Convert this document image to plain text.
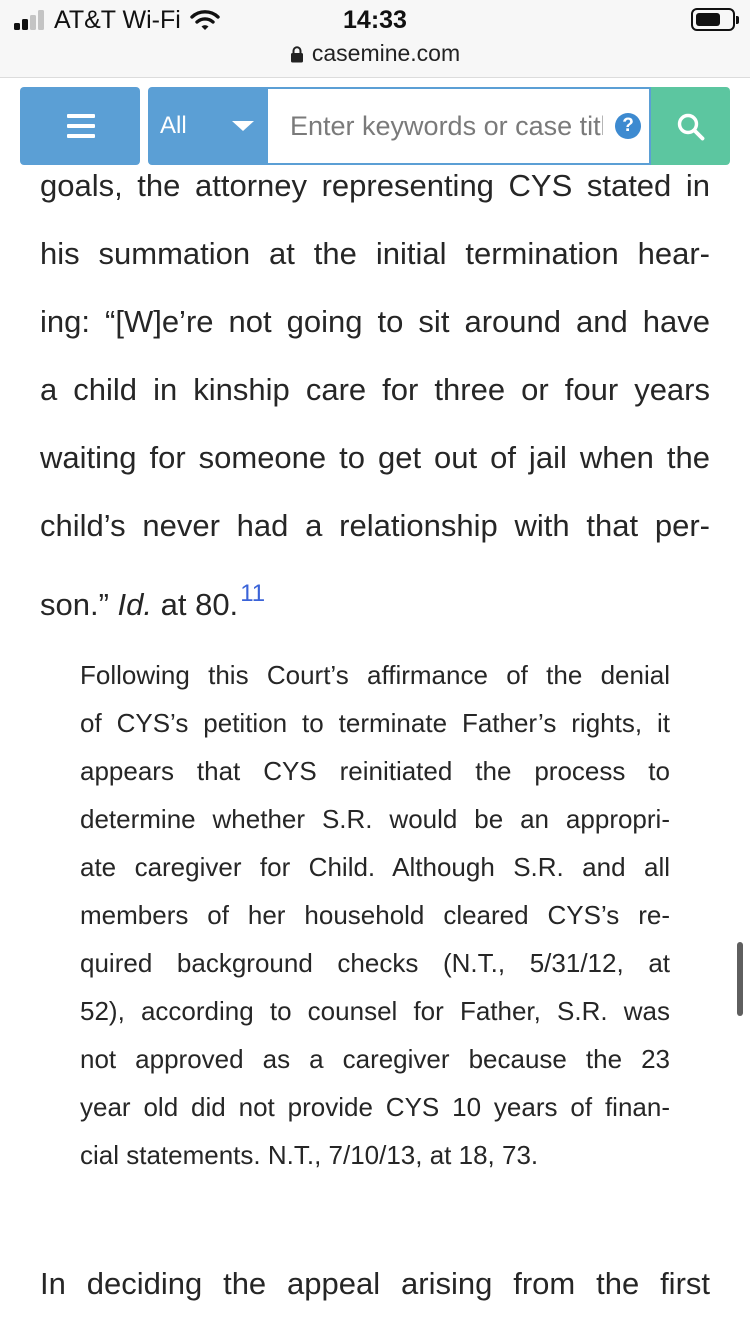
AT&T Wi-Fi	14:33
casemine.com
All
Enter keywords or case title	?
goals, the attorney representing CYS stated in
his summation at the initial termination hear-
ing: “[W]e’re not going to sit around and have
a child in kinship care for three or four years
waiting for someone to get out of jail when the
child’s never had a relationship with that per-
son.” Id. at 80.11
Following this Court’s affirmance of the denial
of CYS’s petition to terminate Father’s rights, it
appears that CYS reinitiated the process to
determine whether S.R. would be an appropri-
ate caregiver for Child. Although S.R. and all
members of her household cleared CYS’s re-
quired background checks (N.T., 5/31/12, at
52), according to counsel for Father, S.R. was
not approved as a caregiver because the 23
year old did not provide CYS 10 years of finan-
cial statements. N.T., 7/10/13, at 18, 73.
In deciding the appeal arising from the first
